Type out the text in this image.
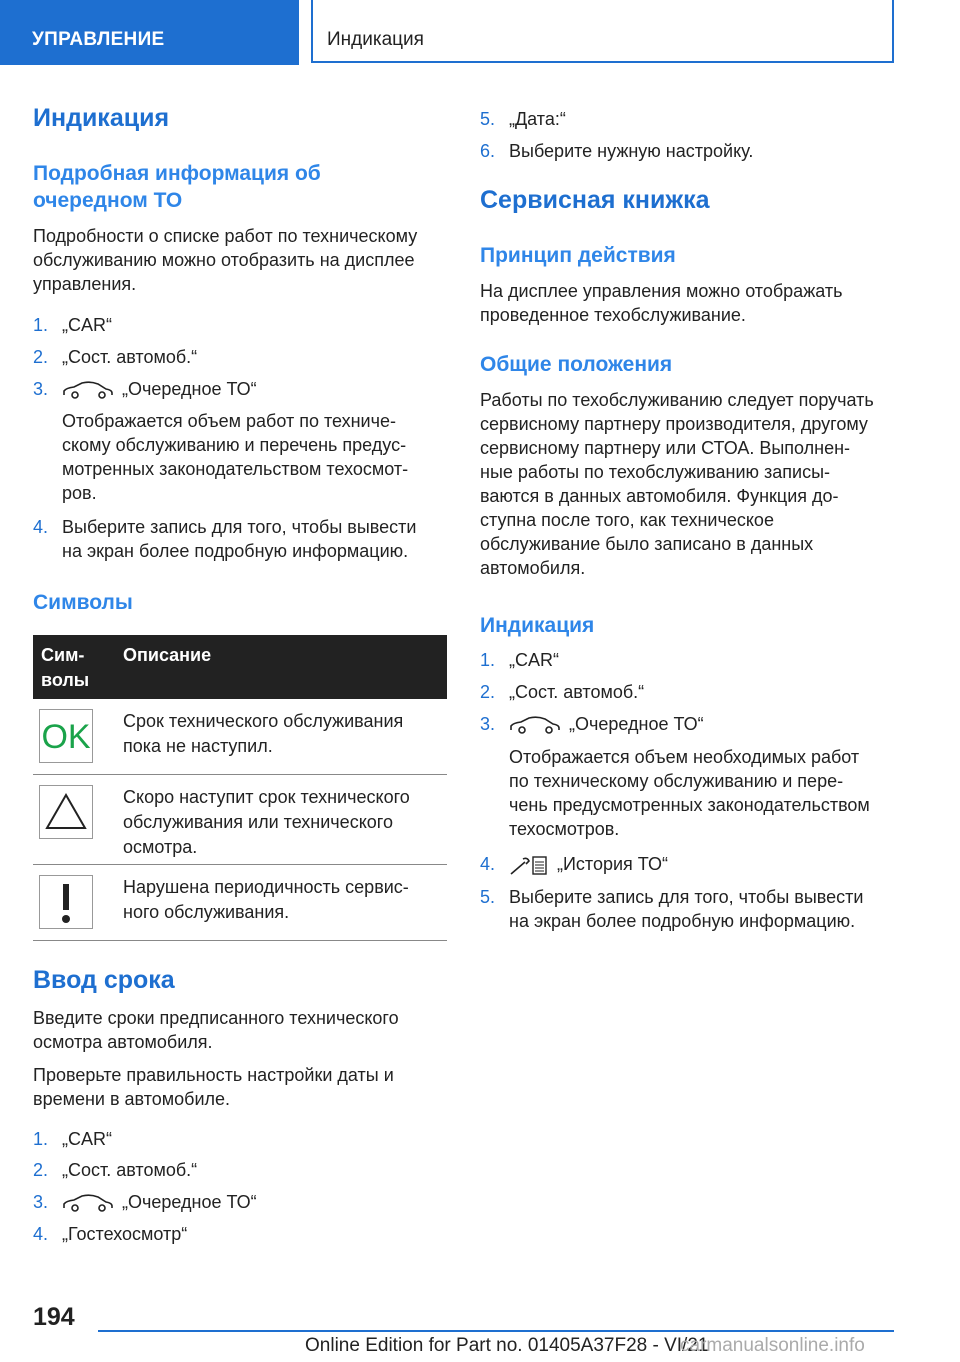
УПРАВЛЕНИЕ	Индикация
Индикация
Подробная информация об
очередном ТО
Подробности о списке работ по техническому
обслуживанию можно отобразить на дисплее
управления.
1. „CAR“
2. „Сост. автомоб.“
3.	„Очередное ТО“
Отображается объем работ по техниче-
скому обслуживанию и перечень предус-
мотренных законодательством техосмот-
ров.
4. Выберите запись для того, чтобы вывести
на экран более подробную информацию.
Символы
Сим-
волы
Описание
OK Срок технического обслуживания
пока не наступил.
Скоро наступит срок технического
обслуживания или технического
осмотра.
Нарушена периодичность сервис-
ного обслуживания.
Ввод срока
Введите сроки предписанного технического
осмотра автомобиля.
Проверьте правильность настройки даты и
времени в автомобиле.
1. „CAR“
2. „Сост. автомоб.“
3.	„Очередное ТО“
4. „Гостехосмотр“
5. „Дата:“
6. Выберите нужную настройку.
Сервисная книжка
Принцип действия
На дисплее управления можно отображать
проведенное техобслуживание.
Общие положения
Работы по техобслуживанию следует поручать
сервисному партнеру производителя, другому
сервисному партнеру или СТОА. Выполнен-
ные работы по техобслуживанию записы-
ваются в данных автомобиля. Функция до-
ступна после того, как техническое
обслуживание было записано в данных
автомобиля.
Индикация
1. „CAR“
2. „Сост. автомоб.“
3.	„Очередное ТО“
Отображается объем необходимых работ
по техническому обслуживанию и пере-
чень предусмотренных законодательством
техосмотров.
4.	„История ТО“
5. Выберите запись для того, чтобы вывести
на экран более подробную информацию.
194
Online Edition for Part no. 01405A37F28 - VI/21
carmanualsonline.info
